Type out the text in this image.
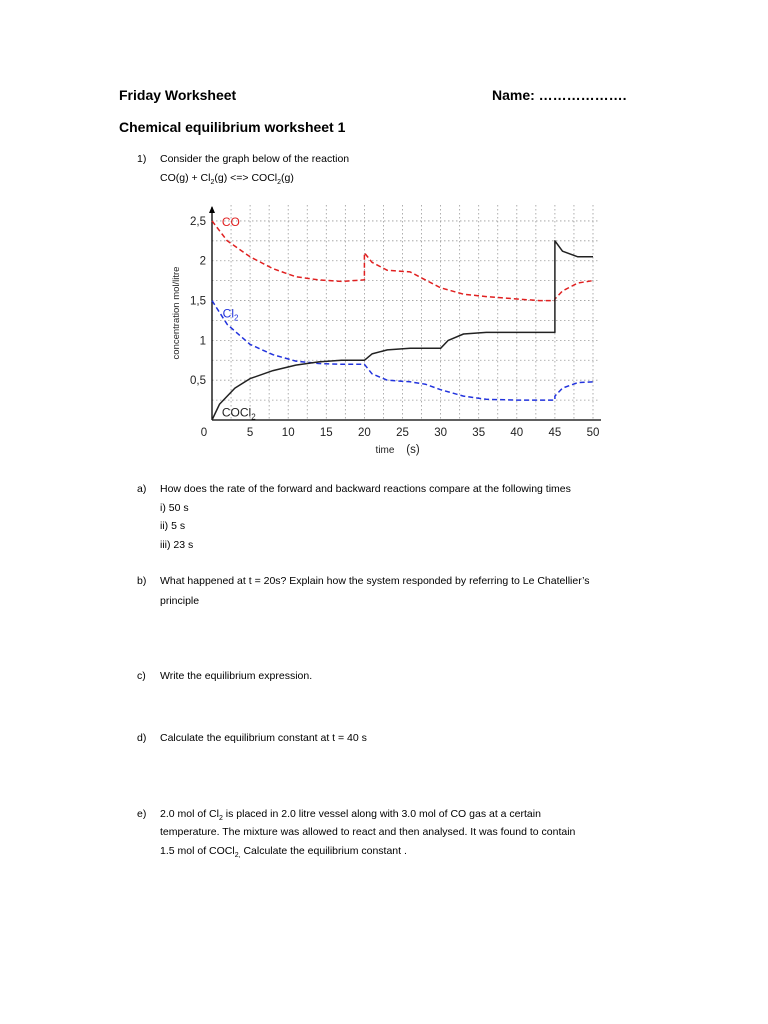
Friday Worksheet	Name: ……………….
Chemical equilibrium worksheet 1
1) Consider the graph below of the reaction
$CO(g) + Cl_2(g)$ <=> COCl$_2$(g)
0	5 10 15 20 25 30 35 40 45 50
0,5
1
1,5
2
2,5
time (s)
concentration mol/litre
CO
$Cl_2$
COCl$_2$
a) How does the rate of the forward and backward reactions compare at the following times
i) 50 s
ii) 5 s
iii) 23 s
b) What happened at t = 20s? Explain how the system responded by referring to Le Chatellier’s
principle
c) Write the equilibrium expression.
d) Calculate the equilibrium constant at t = 40 s
e) 2.0 mol of $Cl_2$ is placed in 2.0 litre vessel along with 3.0 mol of CO gas at a certain
temperature. The mixture was allowed to react and then analysed. It was found to contain
1.5 mol of COCl$_{2,}$ Calculate the equilibrium constant .
